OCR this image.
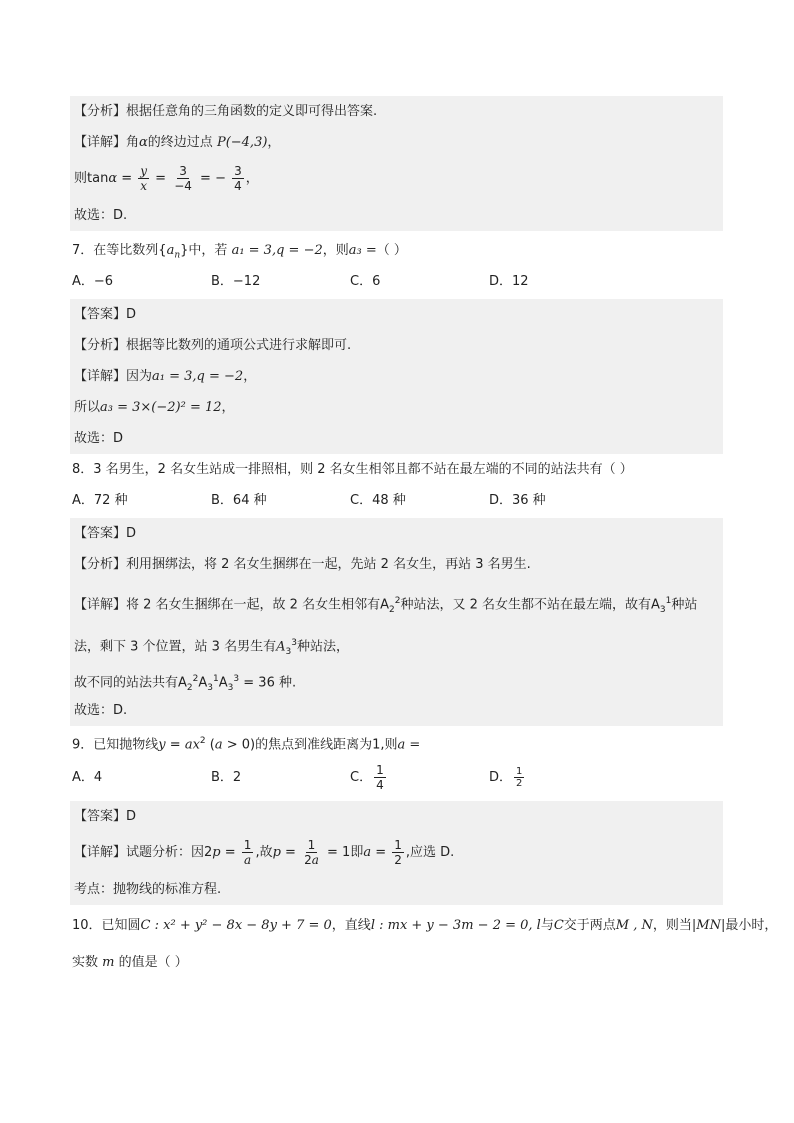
【分析】根据任意角的三角函数的定义即可得出答案.
【详解】角α的终边过点 P(−4,3)，
则$\tan\alpha = \frac{y}{x} = \frac{3}{-4}$ = − $\frac{3}{4}$ ，
故选：D.
7．在等比数列$\{a_n\}$中，若 a₁ = 3,q = −2，则a₃ =（ ）
A．−6	B．−12	C．6	D．12
【答案】D
【分析】根据等比数列的通项公式进行求解即可.
【详解】因为a₁ = 3,q = −2，
所以a₃ = 3×(−2)² = 12，
故选：D
8．3 名男生，2 名女生站成一排照相，则 2 名女生相邻且都不站在最左端的不同的站法共有（ ）
A．72 种	B．64 种	C．48 种	D．36 种
【答案】D
【分析】利用捆绑法，将 2 名女生捆绑在一起，先站 2 名女生，再站 3 名男生.
【详解】将 2 名女生捆绑在一起，故 2 名女生相邻有$A_2^2$种站法，又 2 名女生都不站在最左端，故有$A_3^1$种站
法，剩下 3 个位置，站 3 名男生有$A_3^3$种站法，
故不同的站法共有$A_2^2A_3^1A_3^3 = 36$ 种.
故选：D.
9．已知抛物线$y = ax^2$ (a > 0)的焦点到准线距离为1,则a =
A．4	B．2	C． $\frac{1}{4}$	D． $\frac{1}{2}$
【答案】D
【详解】试题分析：因$2p = \frac{1}{a}$ ,故$p = \frac{1}{2a} = 1$即$a = \frac{1}{2}$ ,应选 D.
考点：抛物线的标准方程.
10．已知圆C : x² + y² − 8x − 8y + 7 = 0，直线l : mx + y − 3m − 2 = 0, l与C交于两点M , N，则当|MN|最小时，
实数 m 的值是（ ）
